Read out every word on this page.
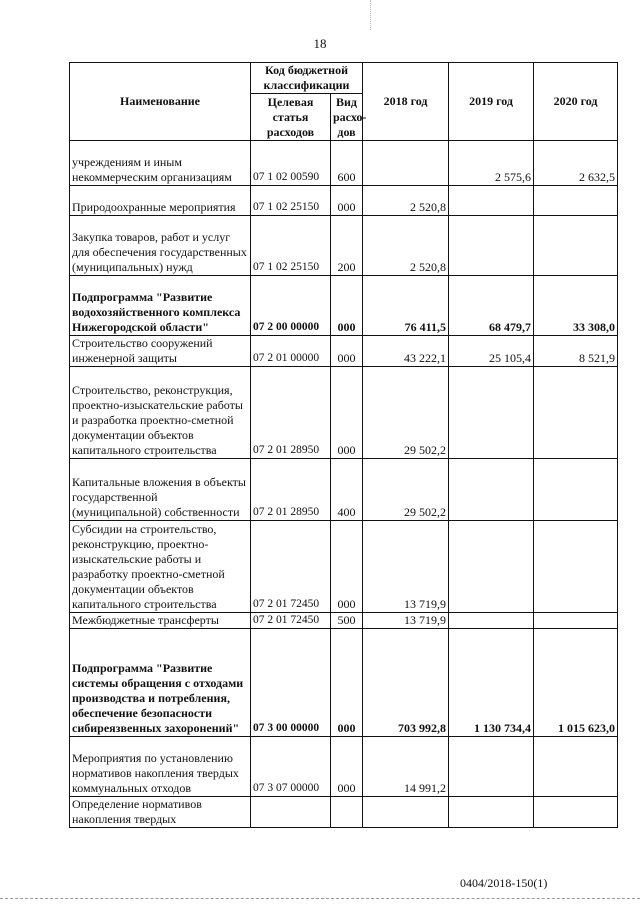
18
Наименование	Код бюджетной классификации		2018 год	2019 год	2020 год
	Целевая статья расходов	Вид расхо-дов			
учреждениям и иным некоммерческим организациям	07 1 02 00590	600		2 575,6	2 632,5
Природоохранные мероприятия	07 1 02 25150	000	2 520,8		
Закупка товаров, работ и услуг для обеспечения государственных (муниципальных) нужд	07 1 02 25150	200	2 520,8		
Подпрограмма "Развитие водохозяйственного комплекса Нижегородской области"	07 2 00 00000	000	76 411,5	68 479,7	33 308,0
Строительство сооружений инженерной защиты	07 2 01 00000	000	43 222,1	25 105,4	8 521,9
Строительство, реконструкция, проектно-изыскательские работы и разработка проектно-сметной документации объектов капитального строительства	07 2 01 28950	000	29 502,2		
Капитальные вложения в объекты государственной (муниципальной) собственности	07 2 01 28950	400	29 502,2		
Субсидии на строительство, реконструкцию, проектно-изыскательские работы и разработку проектно-сметной документации объектов капитального строительства	07 2 01 72450	000	13 719,9		
Межбюджетные трансферты	07 2 01 72450	500	13 719,9		
Подпрограмма "Развитие системы обращения с отходами производства и потребления, обеспечение безопасности сибиреязвенных захоронений"	07 3 00 00000	000	703 992,8	1 130 734,4	1 015 623,0
Мероприятия по установлению нормативов накопления твердых коммунальных отходов	07 3 07 00000	000	14 991,2		
Определение нормативов накопления твердых					
0404/2018-150(1)
